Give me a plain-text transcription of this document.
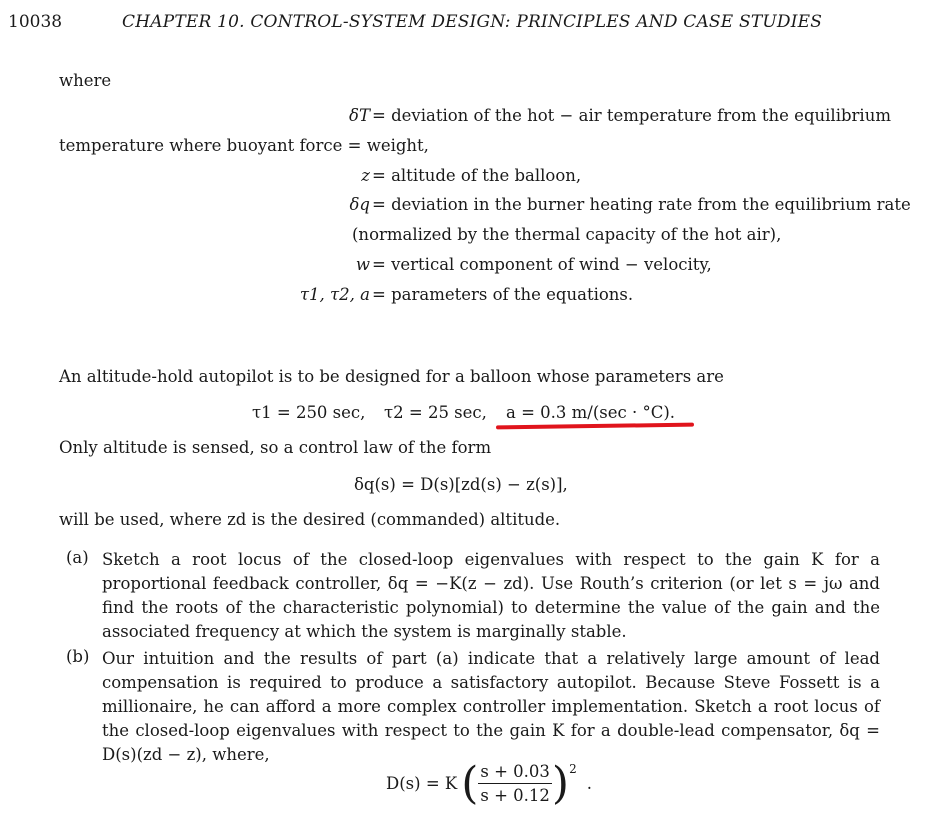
10038	CHAPTER 10. CONTROL-SYSTEM DESIGN: PRINCIPLES AND CASE STUDIES
where
δT = deviation of the hot − air temperature from the equilibrium
temperature where buoyant force = weight,
z = altitude of the balloon,
δq = deviation in the burner heating rate from the equilibrium rate
(normalized by the thermal capacity of the hot air),
w = vertical component of wind − velocity,
τ1, τ2, a = parameters of the equations.
An altitude-hold autopilot is to be designed for a balloon whose parameters are
τ1 = 250 sec, τ2 = 25 sec, a = 0.3 m/(sec · °C).
Only altitude is sensed, so a control law of the form
δq(s) = D(s)[zd(s) − z(s)],
will be used, where zd is the desired (commanded) altitude.
(a) Sketch a root locus of the closed-loop eigenvalues with respect to the gain K for a proportional feedback controller, δq = −K(z − zd). Use Routh’s criterion (or let s = jω and find the roots of the characteristic polynomial) to determine the value of the gain and the associated frequency at which the system is marginally stable.
(b) Our intuition and the results of part (a) indicate that a relatively large amount of lead compensation is required to produce a satisfactory autopilot. Because Steve Fossett is a millionaire, he can afford a more complex controller implementation. Sketch a root locus of the closed-loop eigenvalues with respect to the gain K for a double-lead compensator, δq = D(s)(zd − z), where,
D(s) = K ( $\frac{s + 0.03}{s + 0.12}$ ) 2
.
